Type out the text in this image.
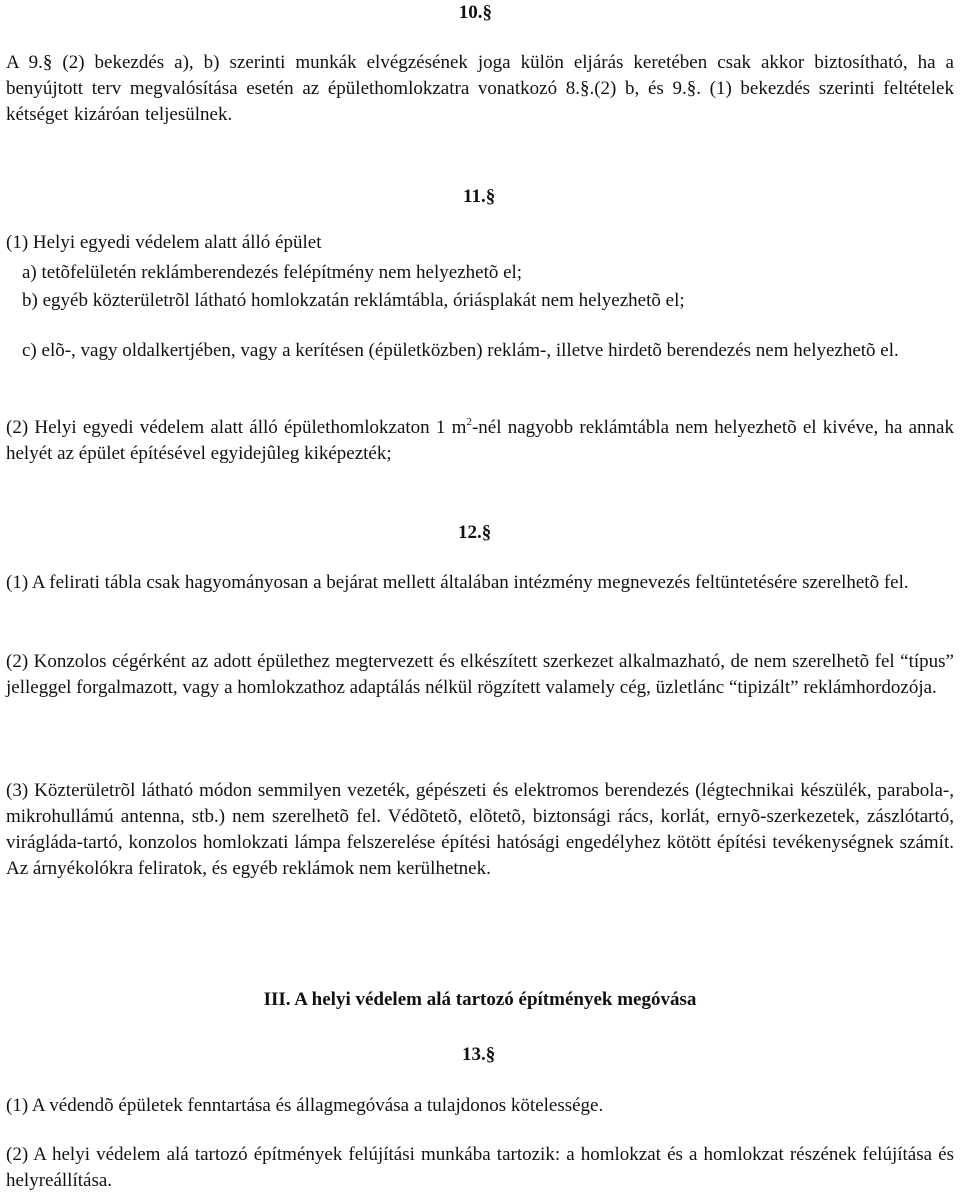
10.§

A 9.§ (2) bekezdés a), b) szerinti munkák elvégzésének joga külön eljárás keretében csak akkor biztosítható, ha a benyújtott terv megvalósítása esetén az épülethomlokzatra vonatkozó 8.§.(2) b, és 9.§. (1) bekezdés szerinti feltételek kétséget kizáróan teljesülnek.

11.§

(1) Helyi egyedi védelem alatt álló épület

a) tetõfelületén reklámberendezés felépítmény nem helyezhetõ el;

b) egyéb közterületrõl látható homlokzatán reklámtábla, óriásplakát nem helyezhetõ el;

c) elõ-, vagy oldalkertjében, vagy a kerítésen (épületközben) reklám-, illetve hirdetõ berendezés nem helyezhetõ el.

(2) Helyi egyedi védelem alatt álló épülethomlokzaton 1 $m^2$-nél nagyobb reklámtábla nem helyezhetõ el kivéve, ha annak helyét az épület építésével egyidejûleg kiképezték;

12.§

(1) A felirati tábla csak hagyományosan a bejárat mellett általában intézmény megnevezés feltüntetésére szerelhetõ fel.

(2) Konzolos cégérként az adott épülethez megtervezett és elkészített szerkezet alkalmazható, de nem szerelhetõ fel “típus” jelleggel forgalmazott, vagy a homlokzathoz adaptálás nélkül rögzített valamely cég, üzletlánc “tipizált” reklámhordozója.

(3) Közterületrõl látható módon semmilyen vezeték, gépészeti és elektromos berendezés (légtechnikai készülék, parabola-, mikrohullámú antenna, stb.) nem szerelhetõ fel. Védõtetõ, elõtetõ, biztonsági rács, korlát, ernyõ-szerkezetek, zászlótartó, virágláda-tartó, konzolos homlokzati lámpa felszerelése építési hatósági engedélyhez kötött építési tevékenységnek számít. Az árnyékolókra feliratok, és egyéb reklámok nem kerülhetnek.

III. A helyi védelem alá tartozó építmények megóvása
13.§

(1) A védendõ épületek fenntartása és állagmegóvása a tulajdonos kötelessége.

(2) A helyi védelem alá tartozó építmények felújítási munkába tartozik: a homlokzat és a homlokzat részének felújítása és helyreállítása.
